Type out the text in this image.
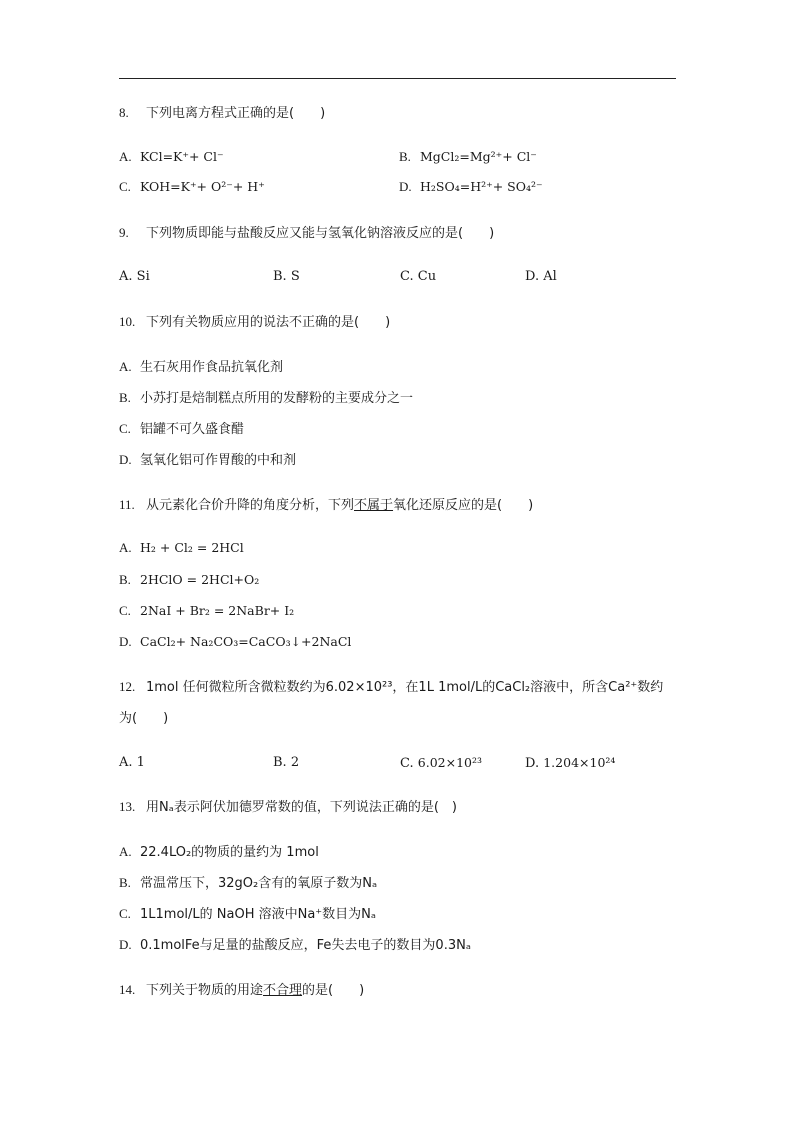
8. 下列电离方程式正确的是(　　)
A. KCl=K⁺+ Cl⁻	B. MgCl₂=Mg²⁺+ Cl⁻
C. KOH=K⁺+ O²⁻+ H⁺	D. H₂SO₄=H²⁺+ SO₄²⁻
9. 下列物质即能与盐酸反应又能与氢氧化钠溶液反应的是(　　)
A. Si	B. S	C. Cu	D. Al
10. 下列有关物质应用的说法不正确的是(　　)
A. 生石灰用作食品抗氧化剂
B. 小苏打是焙制糕点所用的发酵粉的主要成分之一
C. 铝罐不可久盛食醋
D. 氢氧化铝可作胃酸的中和剂
11. 从元素化合价升降的角度分析，下列不属于氧化还原反应的是(　　)
A. H₂ + Cl₂ = 2HCl
B. 2HClO = 2HCl+O₂
C. 2NaI + Br₂ = 2NaBr+ I₂
D. CaCl₂+ Na₂CO₃=CaCO₃↓+2NaCl
12. 1mol 任何微粒所含微粒数约为6.02×10²³，在1L 1mol/L的CaCl₂溶液中，所含Ca²⁺数约
为(　　)
A. 1	B. 2	C. 6.02×10²³	D. 1.204×10²⁴
13. 用Nₐ表示阿伏加德罗常数的值，下列说法正确的是(　)
A. 22.4LO₂的物质的量约为 1mol
B. 常温常压下，32gO₂含有的氧原子数为Nₐ
C. 1L1mol/L的 NaOH 溶液中Na⁺数目为Nₐ
D. 0.1molFe与足量的盐酸反应，Fe失去电子的数目为0.3Nₐ
14. 下列关于物质的用途不合理的是(　　)
